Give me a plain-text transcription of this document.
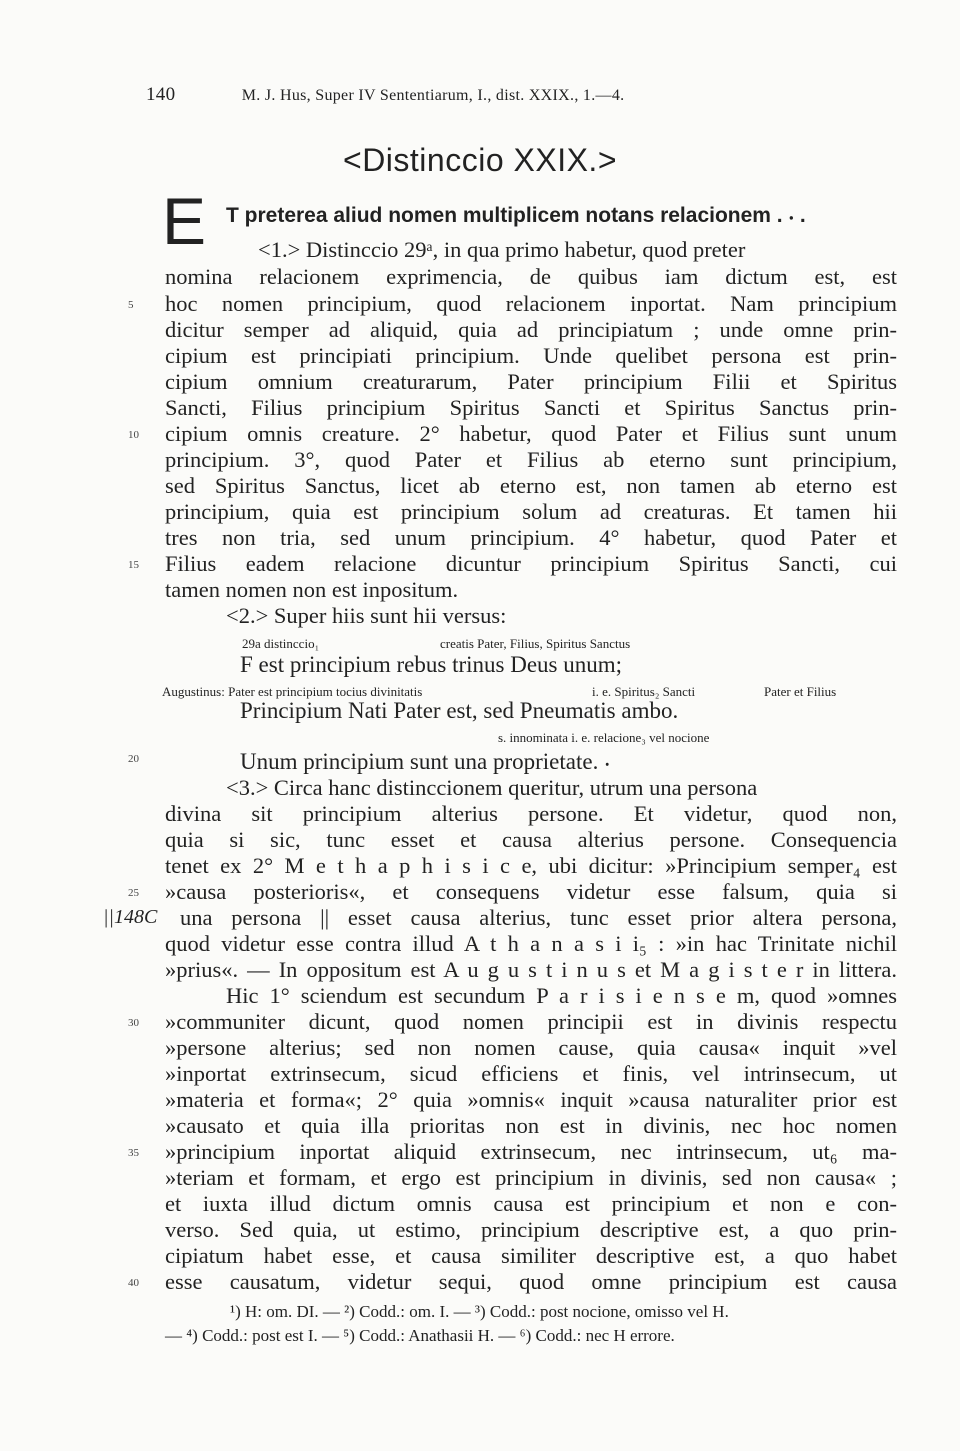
140	M. J. Hus, Super IV Sententiarum, I., dist. XXIX., 1.—4.
<Distinccio XXIX.>
E T preterea aliud nomen multiplicem notans relacionem . ⸳ .
<1.> Distinccio 29ᵃ, in qua primo habetur, quod preter
nomina relacionem exprimencia, de quibus iam dictum est, est
hoc nomen principium, quod relacionem inportat. Nam principium
dicitur semper ad aliquid, quia ad principiatum ; unde omne prin-
cipium est principiati principium. Unde quelibet persona est prin-
cipium omnium creaturarum, Pater principium Filii et Spiritus
Sancti, Filius principium Spiritus Sancti et Spiritus Sanctus prin-
cipium omnis creature. 2° habetur, quod Pater et Filius sunt unum
principium. 3°, quod Pater et Filius ab eterno sunt principium,
sed Spiritus Sanctus, licet ab eterno est, non tamen ab eterno est
principium, quia est principium solum ad creaturas. Et tamen hii
tres non tria, sed unum principium. 4° habetur, quod Pater et
Filius eadem relacione dicuntur principium Spiritus Sancti, cui
tamen nomen non est inpositum.
<2.> Super hiis sunt hii versus:
29a distinccio₁	creatis Pater, Filius, Spiritus Sanctus
F est principium rebus trinus Deus unum;
Augustinus: Pater est principium tocius divinitatis	i. e. Spiritus₂ Sancti	Pater et Filius
Principium Nati Pater est, sed Pneumatis ambo.
s. innominata i. e. relacione₃ vel nocione
Unum principium sunt una proprietate. ⸳
<3.> Circa hanc distinccionem queritur, utrum una persona
divina sit principium alterius persone. Et videtur, quod non,
quia si sic, tunc esset et causa alterius persone. Consequencia
tenet ex 2° M e t h a p h i s i c e, ubi dicitur: »Principium semper₄ est
»causa posterioris«, et consequens videtur esse falsum, quia si
||148C una persona || esset causa alterius, tunc esset prior altera persona,
quod videtur esse contra illud A t h a n a s i i₅ : »in hac Trinitate nichil
»prius«. — In oppositum est A u g u s t i n u s et M a g i s t e r in littera.
Hic 1° sciendum est secundum P a r i s i e n s e m, quod »omnes
»communiter dicunt, quod nomen principii est in divinis respectu
»persone alterius; sed non nomen cause, quia causa« inquit »vel
»inportat extrinsecum, sicud efficiens et finis, vel intrinsecum, ut
»materia et forma«; 2° quia »omnis« inquit »causa naturaliter prior est
»causato et quia illa prioritas non est in divinis, nec hoc nomen
»principium inportat aliquid extrinsecum, nec intrinsecum, ut₆ ma-
»teriam et formam, et ergo est principium in divinis, sed non causa« ;
et iuxta illud dictum omnis causa est principium et non e con-
verso. Sed quia, ut estimo, principium descriptive est, a quo prin-
cipiatum habet esse, et causa similiter descriptive est, a quo habet
esse causatum, videtur sequi, quod omne principium est causa
5
10
15
20
25
30
35
40
¹) H: om. DI. — ²) Codd.: om. I. — ³) Codd.: post nocione, omisso vel H.
— ⁴) Codd.: post est I. — ⁵) Codd.: Anathasii H. — ⁶) Codd.: nec H errore.
